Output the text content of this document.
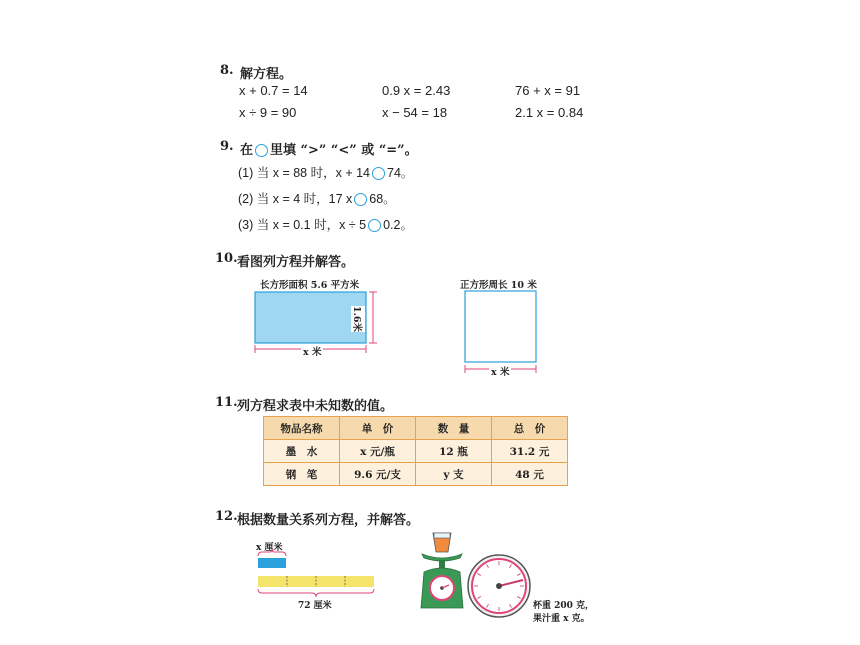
8. 解方程。
x + 0.7 = 14	0.9 x = 2.43	76 + x = 91
x ÷ 9 = 90	x − 54 = 18	2.1 x = 0.84
9. 在 里填 “>” “<” 或 “=”。
(1) 当 x = 88 时，x + 14 74。
(2) 当 x = 4 时，17 x 68。
(3) 当 x = 0.1 时，x ÷ 5 0.2。
10. 看图列方程并解答。
长方形面积 5.6 平方米
1.6米
x 米
正方形周长 10 米
x 米
11. 列方程求表中未知数的值。
物品名称	单　价	数　量	总　价
墨　水	x 元/瓶	12 瓶	31.2 元
钢　笔	9.6 元/支	y 支	48 元
12. 根据数量关系列方程，并解答。
x 厘米
72 厘米	杯重 200 克，
果汁重 x 克。
